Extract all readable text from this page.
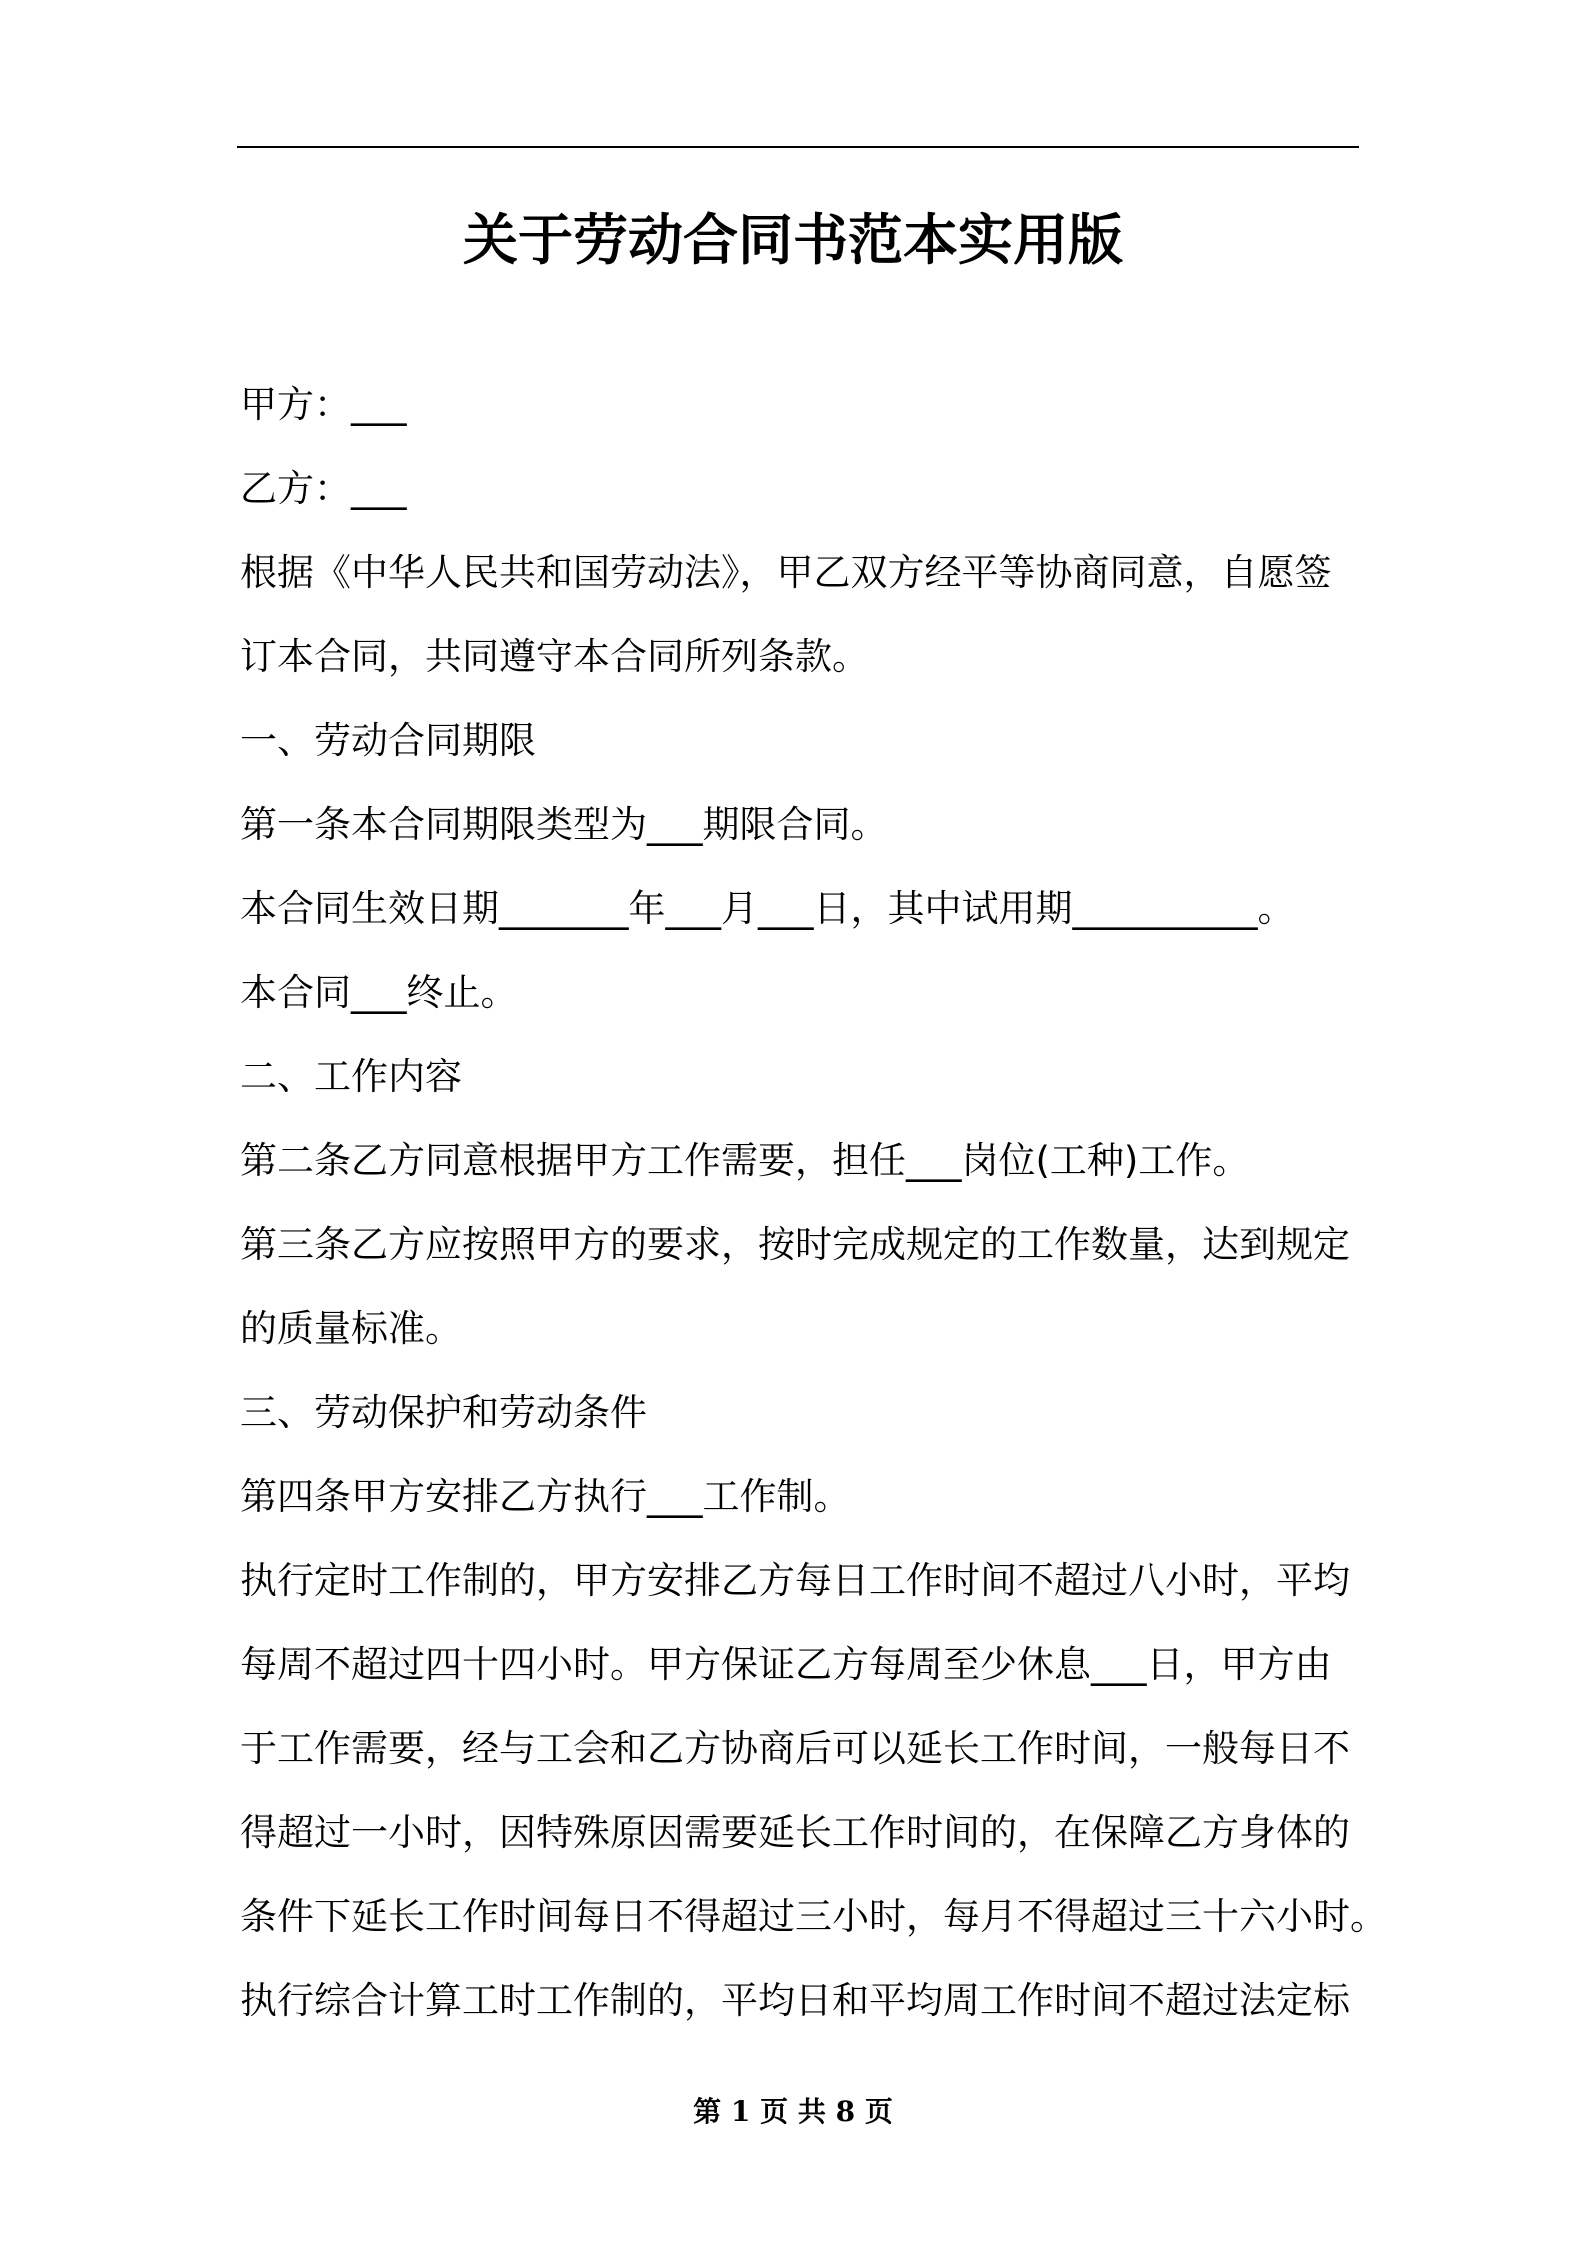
关于劳动合同书范本实用版
甲方：___
乙方：___
根据《中华人民共和国劳动法》，甲乙双方经平等协商同意，自愿签
订本合同，共同遵守本合同所列条款。
一、劳动合同期限
第一条本合同期限类型为___期限合同。
本合同生效日期_______年___月___日，其中试用期__________。
本合同___终止。
二、工作内容
第二条乙方同意根据甲方工作需要，担任___岗位(工种)工作。
第三条乙方应按照甲方的要求，按时完成规定的工作数量，达到规定
的质量标准。
三、劳动保护和劳动条件
第四条甲方安排乙方执行___工作制。
执行定时工作制的，甲方安排乙方每日工作时间不超过八小时，平均
每周不超过四十四小时。甲方保证乙方每周至少休息___日，甲方由
于工作需要，经与工会和乙方协商后可以延长工作时间，一般每日不
得超过一小时，因特殊原因需要延长工作时间的，在保障乙方身体的
条件下延长工作时间每日不得超过三小时，每月不得超过三十六小时。
执行综合计算工时工作制的，平均日和平均周工作时间不超过法定标
第 1 页 共 8 页
